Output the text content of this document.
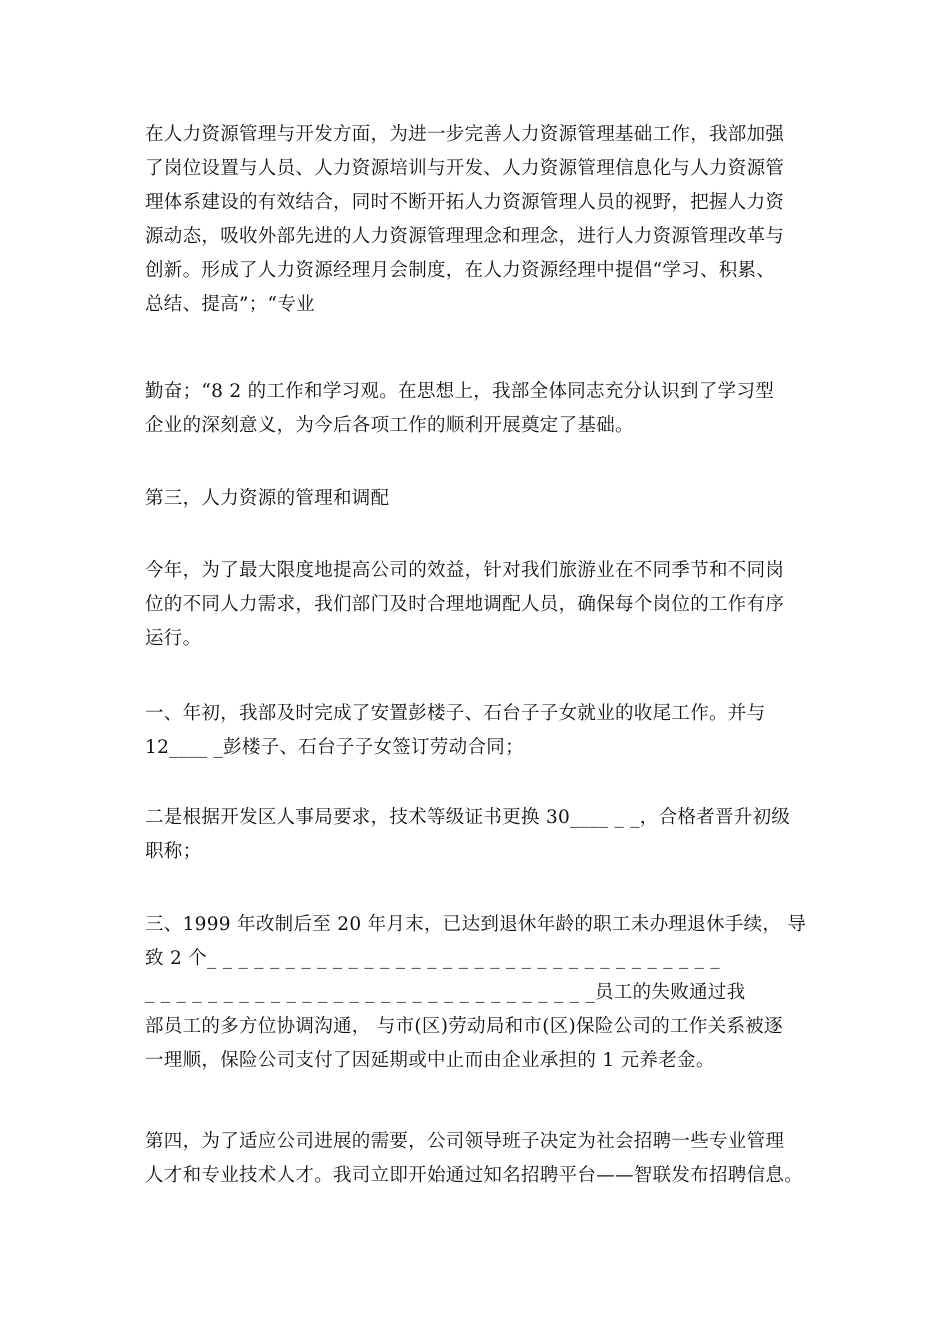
在人力资源管理与开发方面，为进一步完善人力资源管理基础工作，我部加强
了岗位设置与人员、人力资源培训与开发、人力资源管理信息化与人力资源管
理体系建设的有效结合，同时不断开拓人力资源管理人员的视野，把握人力资
源动态，吸收外部先进的人力资源管理理念和理念，进行人力资源管理改革与
创新。形成了人力资源经理月会制度，在人力资源经理中提倡“学习、积累、
总结、提高”；“专业
勤奋；“8 2 的工作和学习观。在思想上，我部全体同志充分认识到了学习型
企业的深刻意义，为今后各项工作的顺利开展奠定了基础。
第三，人力资源的管理和调配
今年，为了最大限度地提高公司的效益，针对我们旅游业在不同季节和不同岗
位的不同人力需求，我们部门及时合理地调配人员，确保每个岗位的工作有序
运行。
一、年初，我部及时完成了安置彭楼子、石台子子女就业的收尾工作。并与
12____ _彭楼子、石台子子女签订劳动合同；
二是根据开发区人事局要求，技术等级证书更换 30____ _ _，合格者晋升初级
职称；
三、1999 年改制后至 20 年月末，已达到退休年龄的职工未办理退休手续， 导
致 2 个_ _ _ _ _ _ _ _ _ _ _ _ _ _ _ _ _ _ _ _ _ _ _ _ _ _ _ _ _ _ _ _ _
_ _ _ _ _ _ _ _ _ _ _ _ _ _ _ _ _ _ _ _ _ _ _ _ _ _ _ _ _员工的失败通过我
部员工的多方位协调沟通， 与市(区)劳动局和市(区)保险公司的工作关系被逐
一理顺，保险公司支付了因延期或中止而由企业承担的 1 元养老金。
第四，为了适应公司进展的需要，公司领导班子决定为社会招聘一些专业管理
人才和专业技术人才。我司立即开始通过知名招聘平台——智联发布招聘信息。
